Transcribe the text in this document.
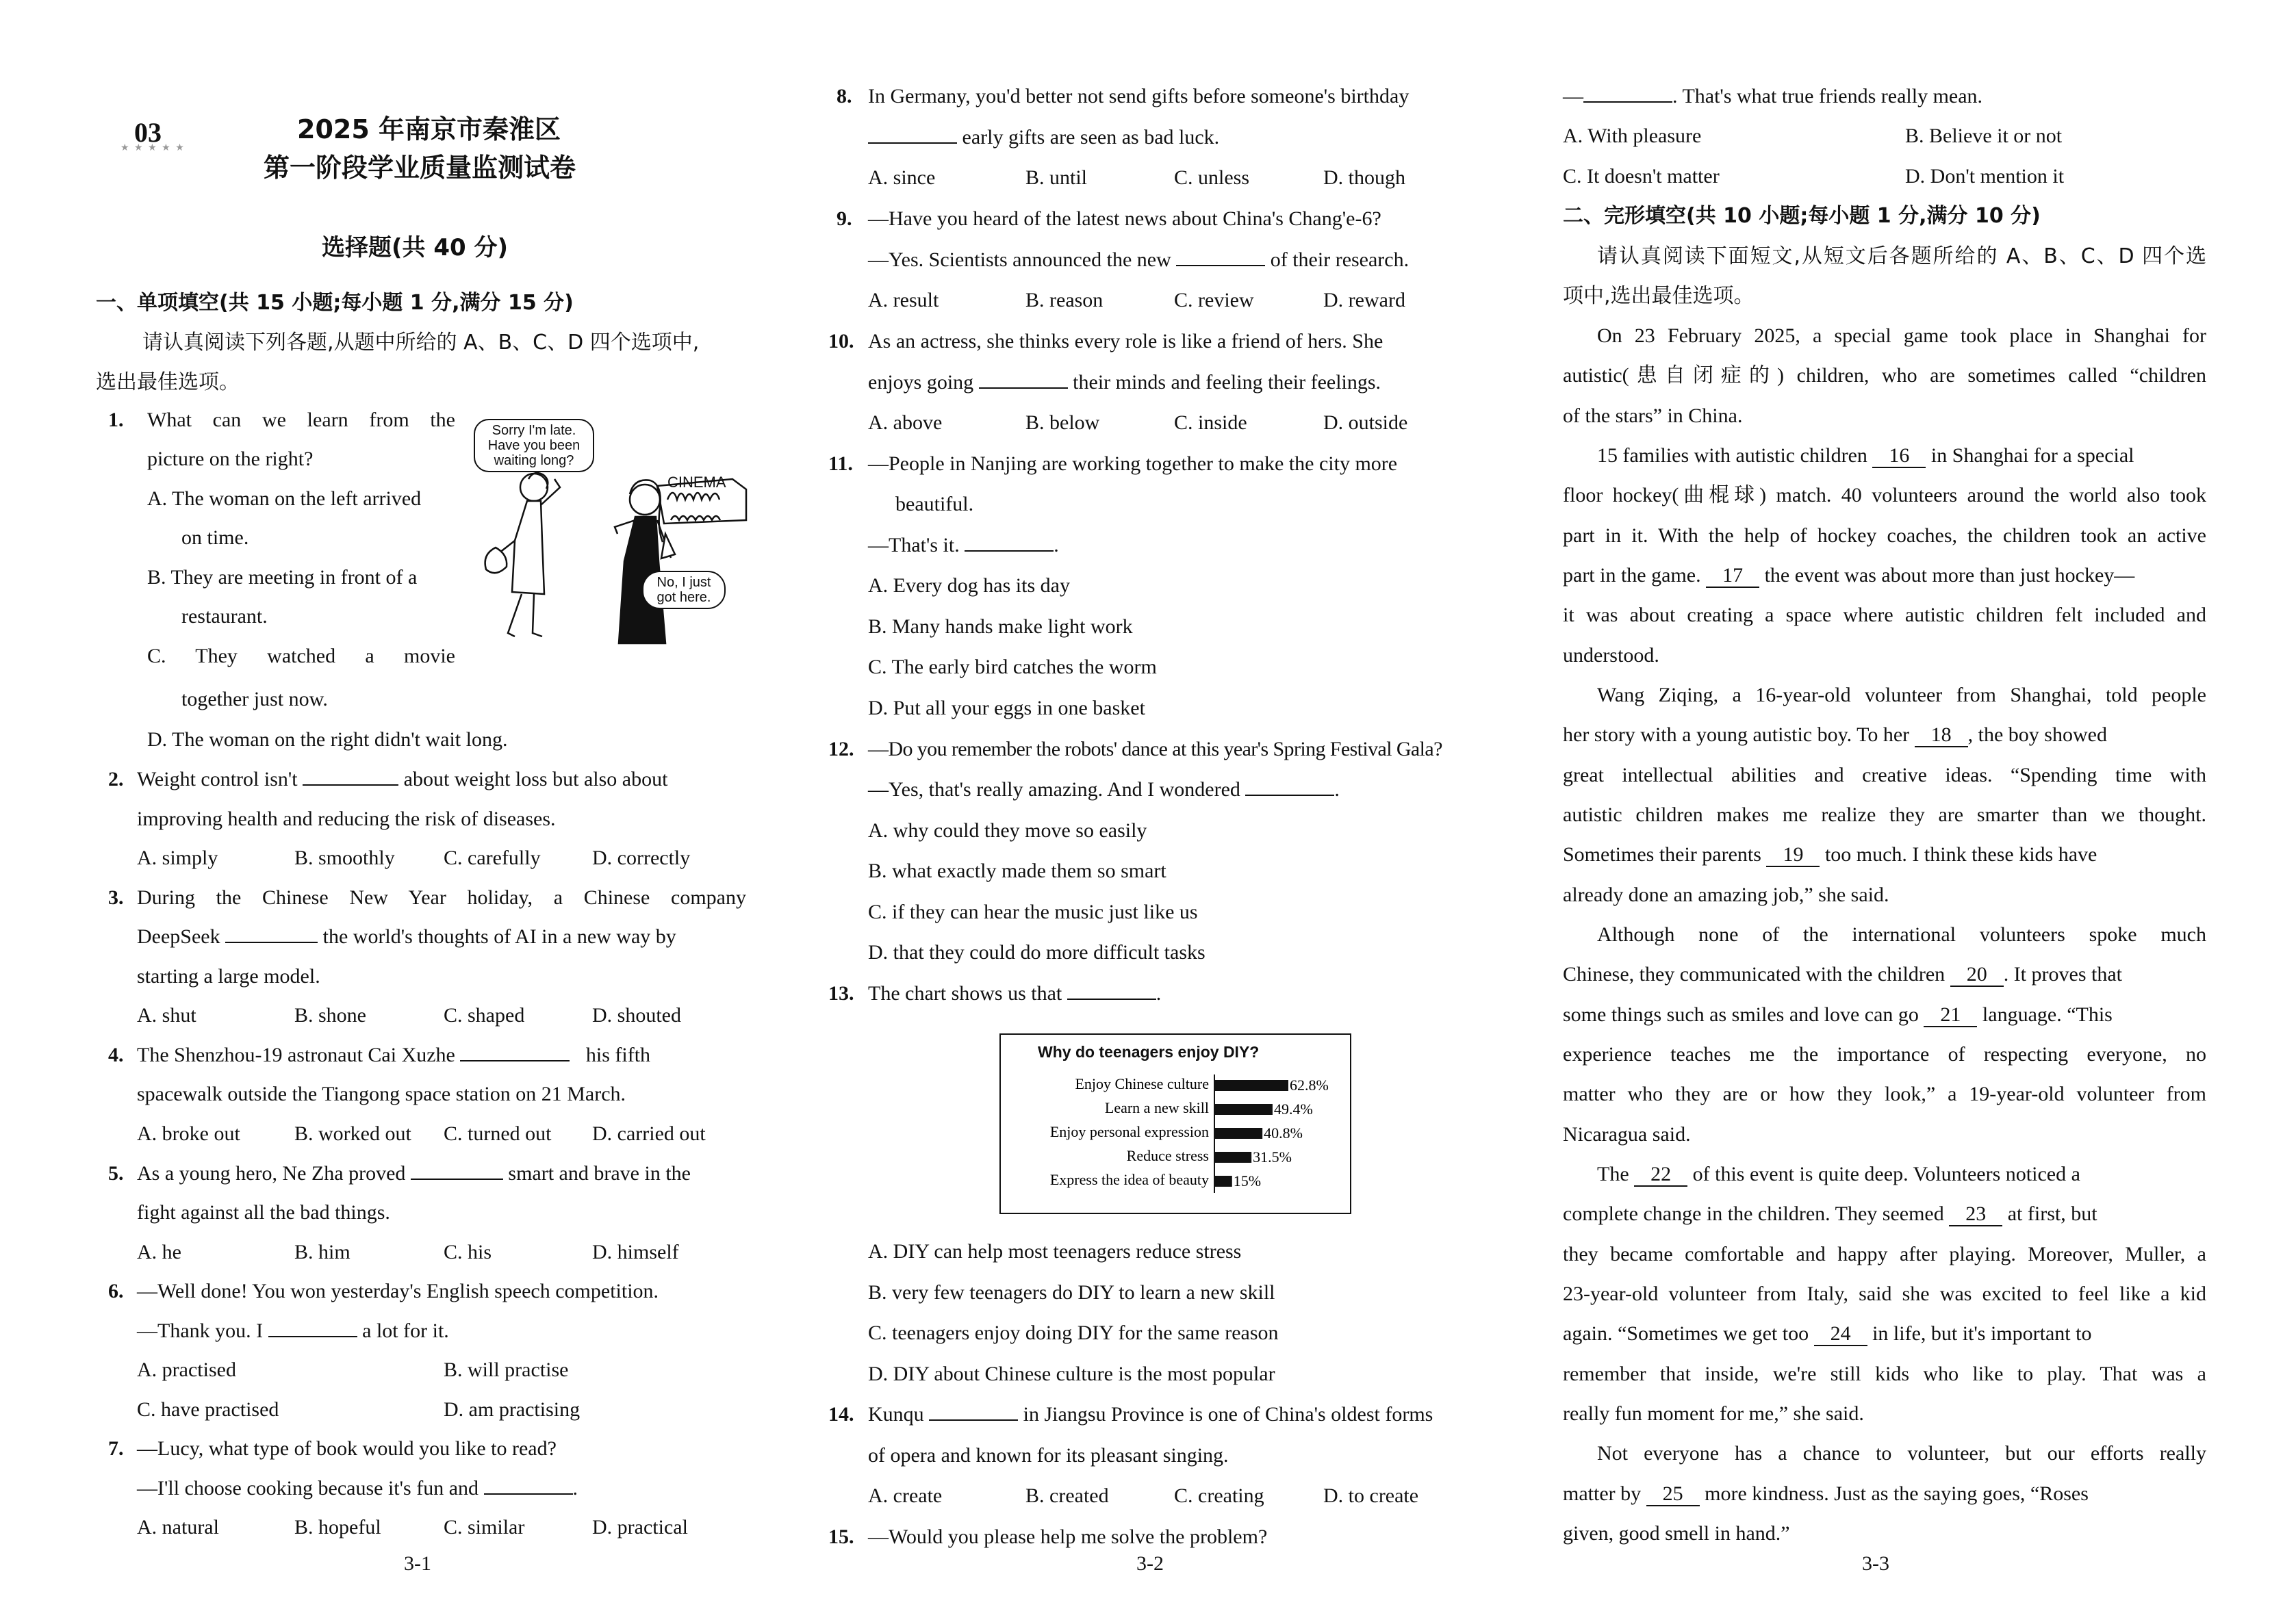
03
★ ★ ★ ★ ★
2025 年南京市秦淮区
第一阶段学业质量监测试卷
选择题(共 40 分)
一、单项填空(共 15 小题;每小题 1 分,满分 15 分)
请认真阅读下列各题,从题中所给的 A、B、C、D 四个选项中,
选出最佳选项。
1. What can we learn from the
picture on the right?
A. The woman on the left arrived
on time.
B. They are meeting in front of a
restaurant.
C. They watched a movie
together just now.
D. The woman on the right didn't wait long.
Sorry I'm late. Have you been waiting long?
No, I just got here.
CINEMA
2. Weight control isn't	about weight loss but also about
improving health and reducing the risk of diseases.
A. simply	B. smoothly C. carefully	D. correctly
3. During the Chinese New Year holiday, a Chinese company
DeepSeek	the world's thoughts of AI in a new way by
starting a large model.
A. shut	B. shone	C. shaped	D. shouted
4. The Shenzhou-19 astronaut Cai Xuzhe	his fifth
spacewalk outside the Tiangong space station on 21 March.
A. broke out	B. worked out C. turned out D. carried out
5. As a young hero, Ne Zha proved	smart and brave in the
fight against all the bad things.
A. he	B. him	C. his	D. himself
6. —Well done! You won yesterday's English speech competition.
—Thank you. I	a lot for it.
A. practised	B. will practise
C. have practised	D. am practising
7. —Lucy, what type of book would you like to read?
—I'll choose cooking because it's fun and	.
A. natural	B. hopeful	C. similar	D. practical
3-1
8. In Germany, you'd better not send gifts before someone's birthday
early gifts are seen as bad luck.
A. since	B. until	C. unless	D. though
9. —Have you heard of the latest news about China's Chang'e-6?
—Yes. Scientists announced the new	of their research.
A. result	B. reason	C. review	D. reward
10. As an actress, she thinks every role is like a friend of hers. She
enjoys going	their minds and feeling their feelings.
A. above	B. below	C. inside	D. outside
11. —People in Nanjing are working together to make the city more
beautiful.
—That's it.	.
A. Every dog has its day
B. Many hands make light work
C. The early bird catches the worm
D. Put all your eggs in one basket
12. —Do you remember the robots' dance at this year's Spring Festival Gala?
—Yes, that's really amazing. And I wondered	.
A. why could they move so easily
B. what exactly made them so smart
C. if they can hear the music just like us
D. that they could do more difficult tasks
13. The chart shows us that	.
Why do teenagers enjoy DIY?
Enjoy Chinese culture	62.8%
Learn a new skill	49.4%
Enjoy personal expression	40.8%
Reduce stress	31.5%
Express the idea of beauty 15%
A. DIY can help most teenagers reduce stress
B. very few teenagers do DIY to learn a new skill
C. teenagers enjoy doing DIY for the same reason
D. DIY about Chinese culture is the most popular
14. Kunqu	in Jiangsu Province is one of China's oldest forms
of opera and known for its pleasant singing.
A. create	B. created	C. creating	D. to create
15. —Would you please help me solve the problem?
3-2
—	. That's what true friends really mean.
A. With pleasure	B. Believe it or not
C. It doesn't matter	D. Don't mention it
二、完形填空(共 10 小题;每小题 1 分,满分 10 分)
请认真阅读下面短文,从短文后各题所给的 A、B、C、D 四个选
项中,选出最佳选项。
On 23 February 2025, a special game took place in Shanghai for
autistic(患自闭症的) children, who are sometimes called “children
of the stars” in China.
15 families with autistic children 16 in Shanghai for a special
floor hockey(曲棍球) match. 40 volunteers around the world also took
part in it. With the help of hockey coaches, the children took an active
part in the game. 17 the event was about more than just hockey—
it was about creating a space where autistic children felt included and
understood.
Wang Ziqing, a 16-year-old volunteer from Shanghai, told people
her story with a young autistic boy. To her 18 , the boy showed
great intellectual abilities and creative ideas. “Spending time with
autistic children makes me realize they are smarter than we thought.
Sometimes their parents 19 too much. I think these kids have
already done an amazing job,” she said.
Although none of the international volunteers spoke much
Chinese, they communicated with the children 20 . It proves that
some things such as smiles and love can go 21 language. “This
experience teaches me the importance of respecting everyone, no
matter who they are or how they look,” a 19-year-old volunteer from
Nicaragua said.
The 22 of this event is quite deep. Volunteers noticed a
complete change in the children. They seemed 23 at first, but
they became comfortable and happy after playing. Moreover, Muller, a
23-year-old volunteer from Italy, said she was excited to feel like a kid
again. “Sometimes we get too 24 in life, but it's important to
remember that inside, we're still kids who like to play. That was a
really fun moment for me,” she said.
Not everyone has a chance to volunteer, but our efforts really
matter by 25 more kindness. Just as the saying goes, “Roses
given, good smell in hand.”
3-3
